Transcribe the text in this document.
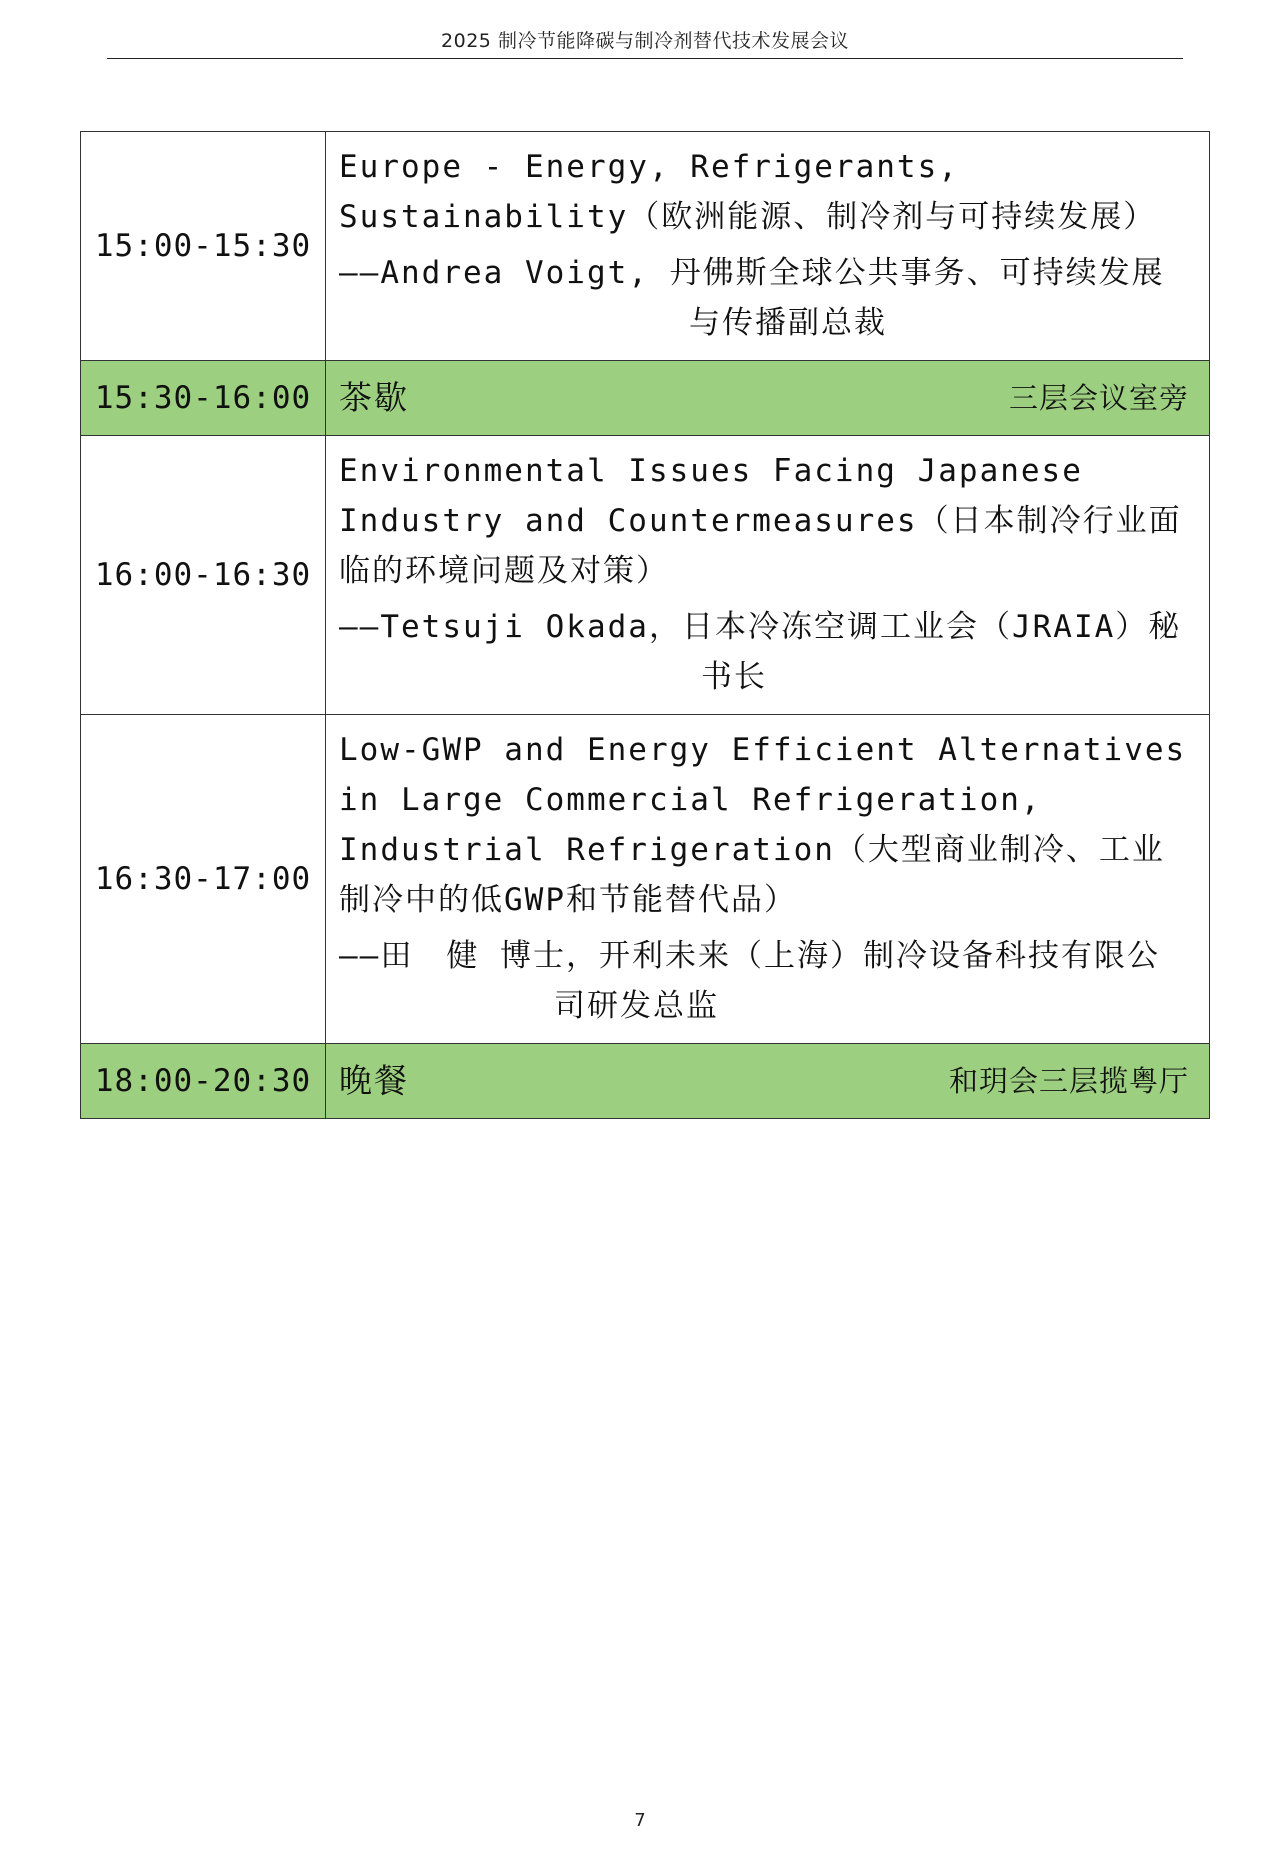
2025 制冷节能降碳与制冷剂替代技术发展会议
15:00-15:30	Europe - Energy, Refrigerants, Sustainability（欧洲能源、制冷剂与可持续发展）
——Andrea Voigt, 丹佛斯全球公共事务、可持续发展与传播副总裁

15:30-16:00	茶歇 三层会议室旁

16:00-16:30	Environmental Issues Facing Japanese Industry and Countermeasures（日本制冷行业面临的环境问题及对策）
——Tetsuji Okada，日本冷冻空调工业会（JRAIA）秘书长

16:30-17:00	Low-GWP and Energy Efficient Alternatives in Large Commercial Refrigeration, Industrial Refrigeration（大型商业制冷、工业制冷中的低GWP和节能替代品）
——田　健 博士，开利未来（上海）制冷设备科技有限公司研发总监

18:00-20:30	晚餐 和玥会三层揽粤厅
7
